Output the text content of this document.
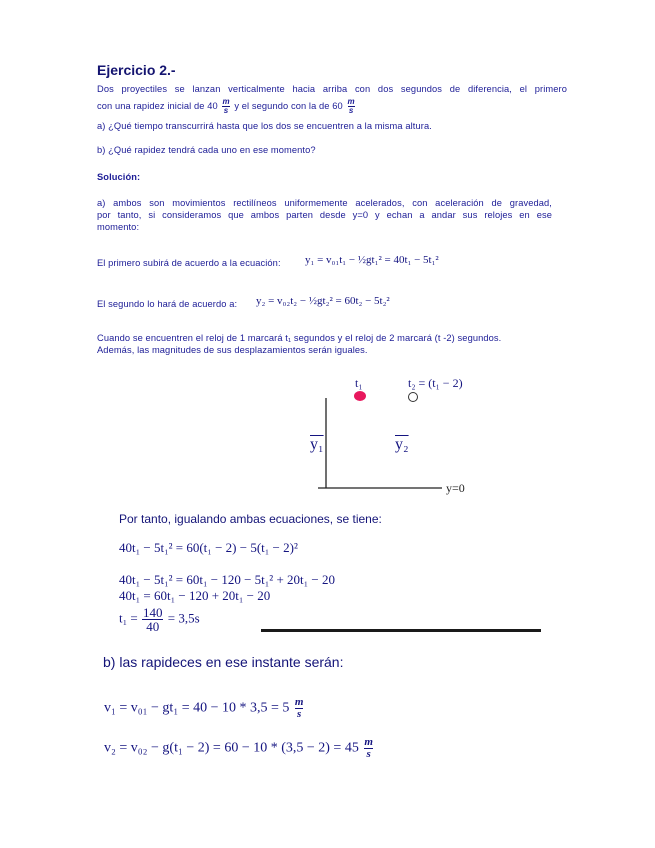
Ejercicio 2.-
Dos proyectiles se lanzan verticalmente hacia arriba con dos segundos de diferencia, el primero
con una rapidez inicial de $40 \frac{m}{s}$ y el segundo con la de $60 \frac{m}{s}$
a) ¿Qué tiempo transcurrirá hasta que los dos se encuentren a la misma altura.
b) ¿Qué rapidez tendrá cada uno en ese momento?
Solución:
a) ambos son movimientos rectilíneos uniformemente acelerados, con aceleración de gravedad,
por tanto, si consideramos que ambos parten desde y=0 y echan a andar sus relojes en ese
momento:
El primero subirá de acuerdo a la ecuación: y₁ = v₀₁t₁ − ½gt₁² = 40t₁ − 5t₁²
El segundo lo hará de acuerdo a: y₂ = v₀₂t₂ − ½gt₂² = 60t₂ − 5t₂²
Cuando se encuentren el reloj de 1 marcará t₁ segundos y el reloj de 2 marcará (t -2) segundos.
Además, las magnitudes de sus desplazamientos serán iguales.
t₁	t₂ = (t₁ − 2)
y₁	y₂
y=0
Por tanto, igualando ambas ecuaciones, se tiene:
40t₁ − 5t₁² = 60(t₁ − 2) − 5(t₁ − 2)²
40t₁ − 5t₁² = 60t₁ − 120 − 5t₁² + 20t₁ − 20
40t₁ = 60t₁ − 120 + 20t₁ − 20
$t_1 = \frac{140}{40} = 3,5s$
b) las rapideces en ese instante serán:
$v_1 = v_{01} - gt_1 = 40 - 10 * 3,5 = 5 \frac{m}{s}$
$v_2 = v_{02} - g(t_1 - 2) = 60 - 10 * (3,5 - 2) = 45 \frac{m}{s}$
